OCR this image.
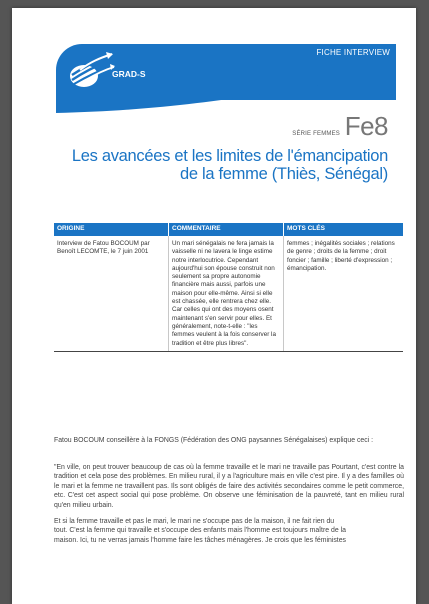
FICHE INTERVIEW
GRAD-S
SÉRIE FEMMES Fe8
Les avancées et les limites de l'émancipation
de la femme (Thiès, Sénégal)
ORIGINE	COMMENTAIRE	MOTS CLÉS
Interview de Fatou BOCOUM par Benoît LECOMTE, le 7 juin 2001	Un mari sénégalais ne fera jamais la vaisselle ni ne lavera le linge estime notre interlocutrice. Cependant aujourd'hui son épouse construit non seulement sa propre autonomie financière mais aussi, parfois une maison pour elle-même. Ainsi si elle est chassée, elle rentrera chez elle. Car celles qui ont des moyens osent maintenant s'en servir pour elles. Et généralement, note-t-elle : "les femmes veulent à la fois conserver la tradition et être plus libres".	femmes ; inégalités sociales ; relations de genre ; droits de la femme ; droit foncier ; famille ; liberté d'expression ; émancipation.
Fatou BOCOUM conseillère à la FONGS (Fédération des ONG paysannes Sénégalaises) explique ceci :
"En ville, on peut trouver beaucoup de cas où la femme travaille et le mari ne travaille pas Pourtant, c'est contre la tradition et cela pose des problèmes. En milieu rural, il y a l'agriculture mais en ville c'est pire. Il y a des familles où le mari et la femme ne travaillent pas. Ils sont obligés de faire des activités secondaires comme le petit commerce, etc. C'est cet aspect social qui pose problème. On observe une féminisation de la pauvreté, tant en milieu rural qu'en milieu urbain.
Et si la femme travaille et pas le mari, le mari ne s'occupe pas de la maison, il ne fait rien du
tout. C'est la femme qui travaille et s'occupe des enfants mais l'homme est toujours maître de la
maison. Ici, tu ne verras jamais l'homme faire les tâches ménagères. Je crois que les féministes
